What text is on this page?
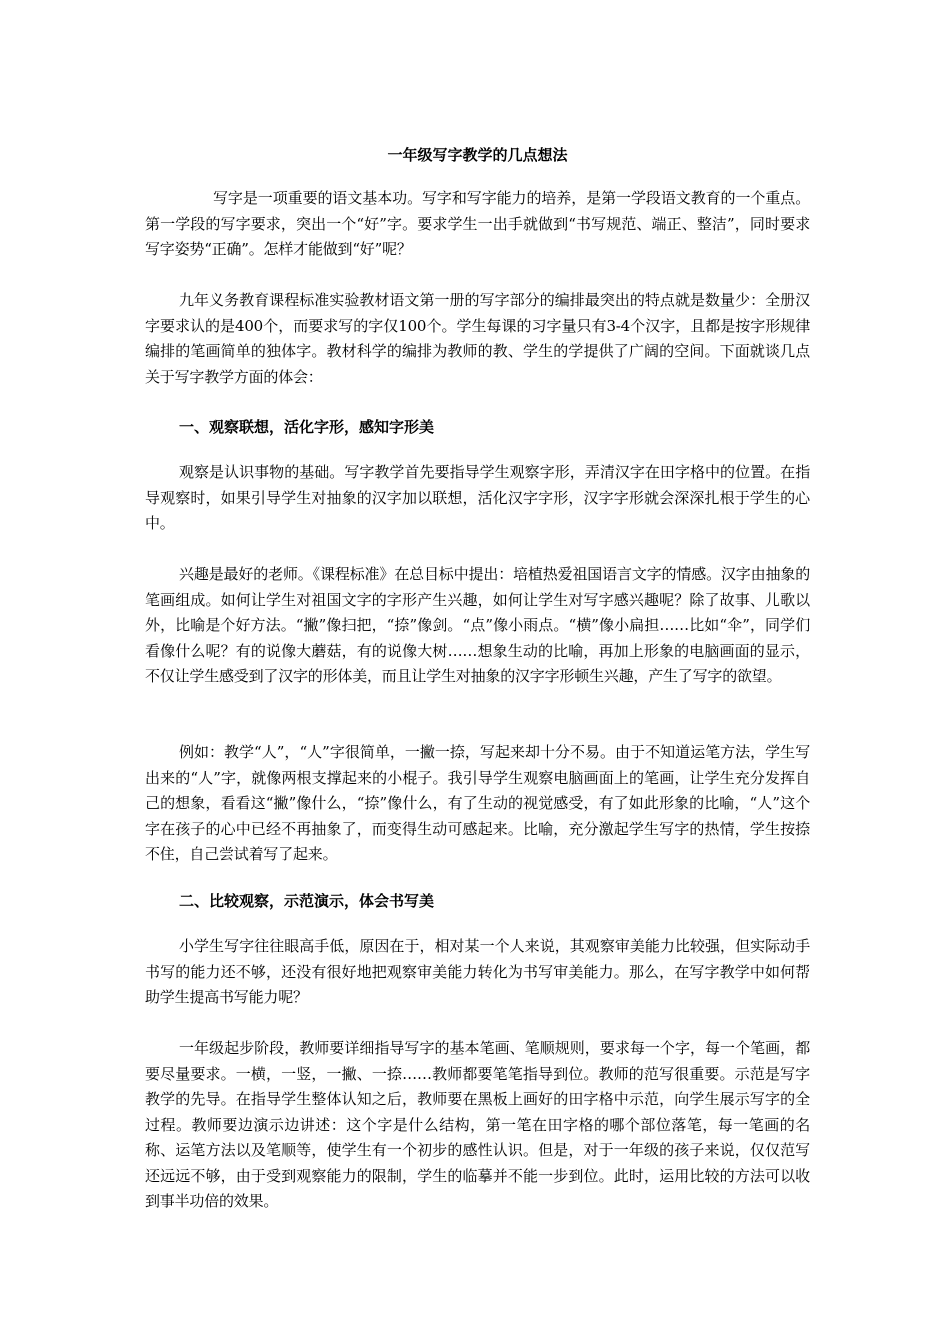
一年级写字教学的几点想法

写字是一项重要的语文基本功。写字和写字能力的培养，是第一学段语文教育的一个重点。第一学段的写字要求，突出一个“好”字。要求学生一出手就做到“书写规范、端正、整洁”，同时要求写字姿势“正确”。怎样才能做到“好”呢？

九年义务教育课程标准实验教材语文第一册的写字部分的编排最突出的特点就是数量少：全册汉字要求认的是400个，而要求写的字仅100个。学生每课的习字量只有3-4个汉字，且都是按字形规律编排的笔画简单的独体字。教材科学的编排为教师的教、学生的学提供了广阔的空间。下面就谈几点关于写字教学方面的体会：

一、观察联想，活化字形，感知字形美

观察是认识事物的基础。写字教学首先要指导学生观察字形，弄清汉字在田字格中的位置。在指导观察时，如果引导学生对抽象的汉字加以联想，活化汉字字形，汉字字形就会深深扎根于学生的心中。

兴趣是最好的老师。《课程标准》在总目标中提出：培植热爱祖国语言文字的情感。汉字由抽象的笔画组成。如何让学生对祖国文字的字形产生兴趣，如何让学生对写字感兴趣呢？除了故事、儿歌以外，比喻是个好方法。“撇”像扫把，“捺”像剑。“点”像小雨点。“横”像小扁担……比如“伞”，同学们看像什么呢？有的说像大蘑菇，有的说像大树……想象生动的比喻，再加上形象的电脑画面的显示，不仅让学生感受到了汉字的形体美，而且让学生对抽象的汉字字形顿生兴趣，产生了写字的欲望。

例如：教学“人”，“人”字很简单，一撇一捺，写起来却十分不易。由于不知道运笔方法，学生写出来的“人”字，就像两根支撑起来的小棍子。我引导学生观察电脑画面上的笔画，让学生充分发挥自己的想象，看看这“撇”像什么，“捺”像什么，有了生动的视觉感受，有了如此形象的比喻，“人”这个字在孩子的心中已经不再抽象了，而变得生动可感起来。比喻，充分激起学生写字的热情，学生按捺不住，自己尝试着写了起来。

二、比较观察，示范演示，体会书写美

小学生写字往往眼高手低，原因在于，相对某一个人来说，其观察审美能力比较强，但实际动手书写的能力还不够，还没有很好地把观察审美能力转化为书写审美能力。那么，在写字教学中如何帮助学生提高书写能力呢？

一年级起步阶段，教师要详细指导写字的基本笔画、笔顺规则，要求每一个字，每一个笔画，都要尽量要求。一横，一竖，一撇、一捺……教师都要笔笔指导到位。教师的范写很重要。示范是写字教学的先导。在指导学生整体认知之后，教师要在黑板上画好的田字格中示范，向学生展示写字的全过程。教师要边演示边讲述：这个字是什么结构，第一笔在田字格的哪个部位落笔，每一笔画的名称、运笔方法以及笔顺等，使学生有一个初步的感性认识。但是，对于一年级的孩子来说，仅仅范写还远远不够，由于受到观察能力的限制，学生的临摹并不能一步到位。此时，运用比较的方法可以收到事半功倍的效果。
